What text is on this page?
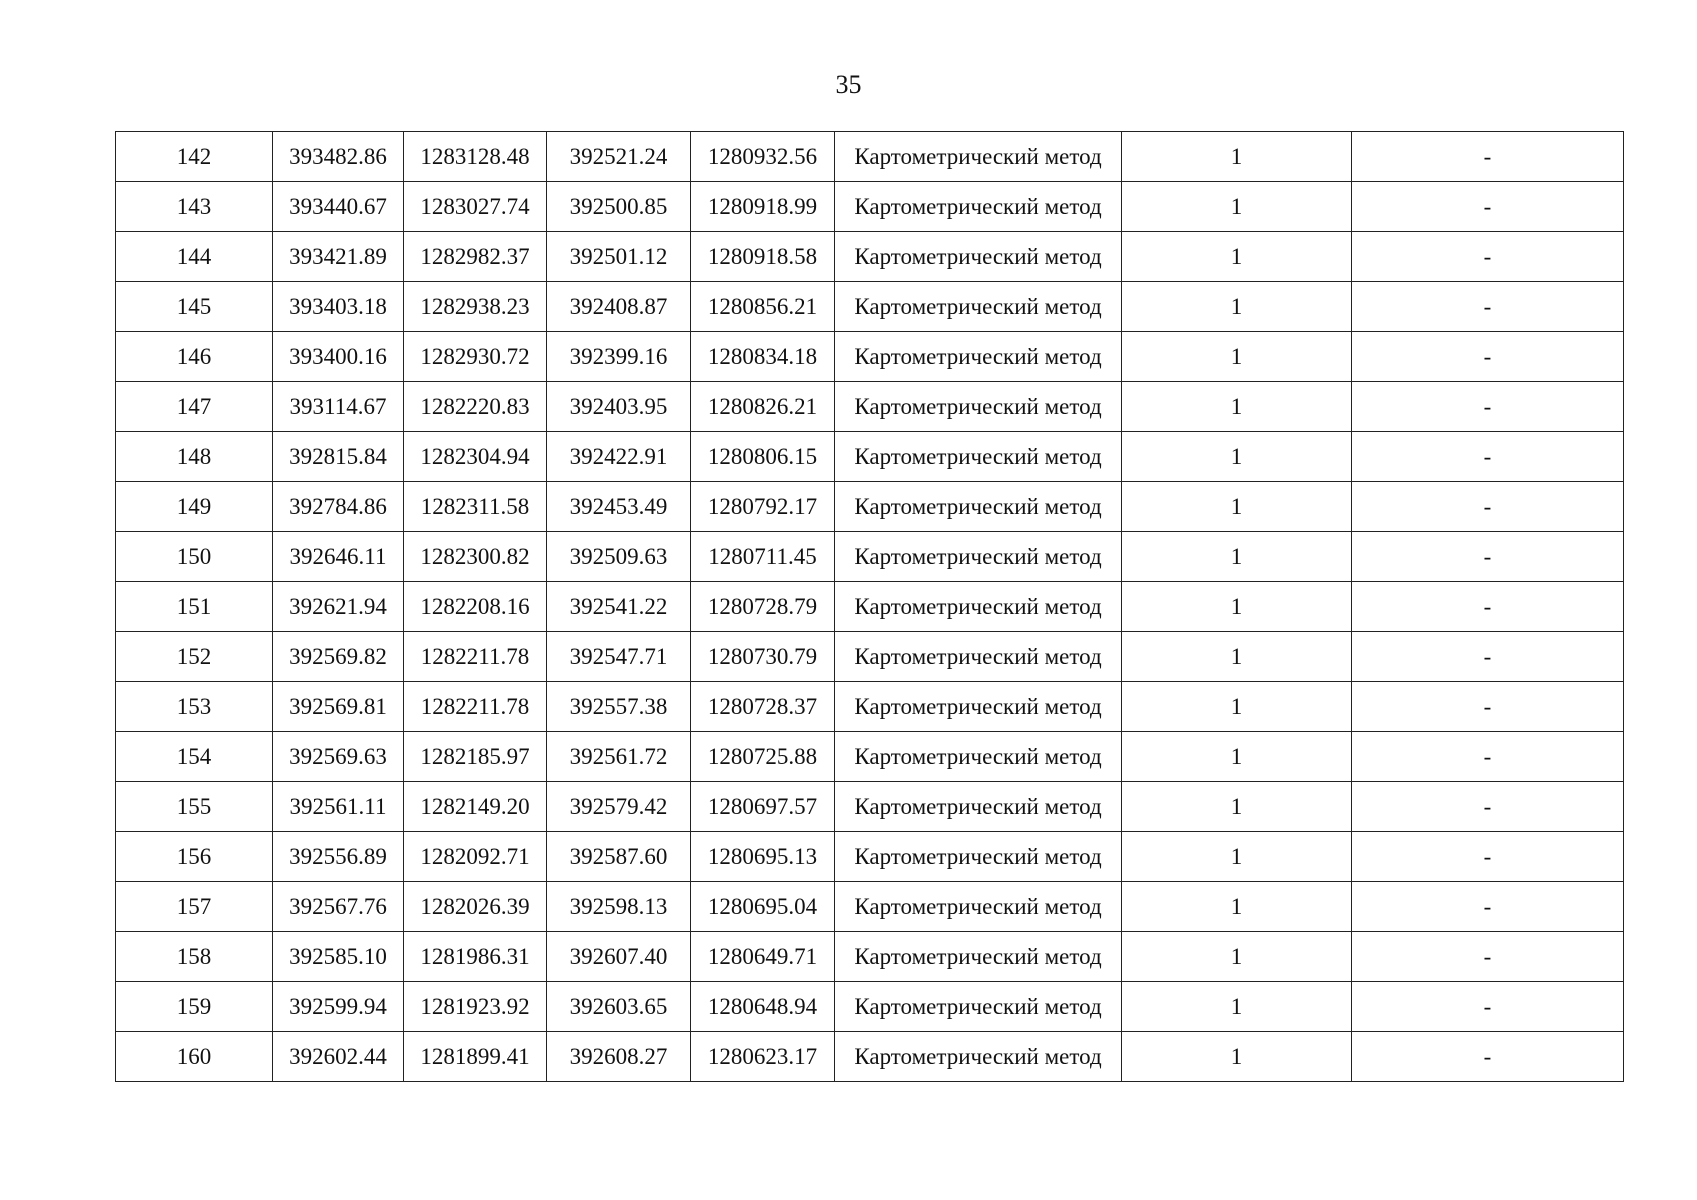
35
142	393482.86	1283128.48	392521.24	1280932.56	Картометрический метод	1	-
143	393440.67	1283027.74	392500.85	1280918.99	Картометрический метод	1	-
144	393421.89	1282982.37	392501.12	1280918.58	Картометрический метод	1	-
145	393403.18	1282938.23	392408.87	1280856.21	Картометрический метод	1	-
146	393400.16	1282930.72	392399.16	1280834.18	Картометрический метод	1	-
147	393114.67	1282220.83	392403.95	1280826.21	Картометрический метод	1	-
148	392815.84	1282304.94	392422.91	1280806.15	Картометрический метод	1	-
149	392784.86	1282311.58	392453.49	1280792.17	Картометрический метод	1	-
150	392646.11	1282300.82	392509.63	1280711.45	Картометрический метод	1	-
151	392621.94	1282208.16	392541.22	1280728.79	Картометрический метод	1	-
152	392569.82	1282211.78	392547.71	1280730.79	Картометрический метод	1	-
153	392569.81	1282211.78	392557.38	1280728.37	Картометрический метод	1	-
154	392569.63	1282185.97	392561.72	1280725.88	Картометрический метод	1	-
155	392561.11	1282149.20	392579.42	1280697.57	Картометрический метод	1	-
156	392556.89	1282092.71	392587.60	1280695.13	Картометрический метод	1	-
157	392567.76	1282026.39	392598.13	1280695.04	Картометрический метод	1	-
158	392585.10	1281986.31	392607.40	1280649.71	Картометрический метод	1	-
159	392599.94	1281923.92	392603.65	1280648.94	Картометрический метод	1	-
160	392602.44	1281899.41	392608.27	1280623.17	Картометрический метод	1	-
